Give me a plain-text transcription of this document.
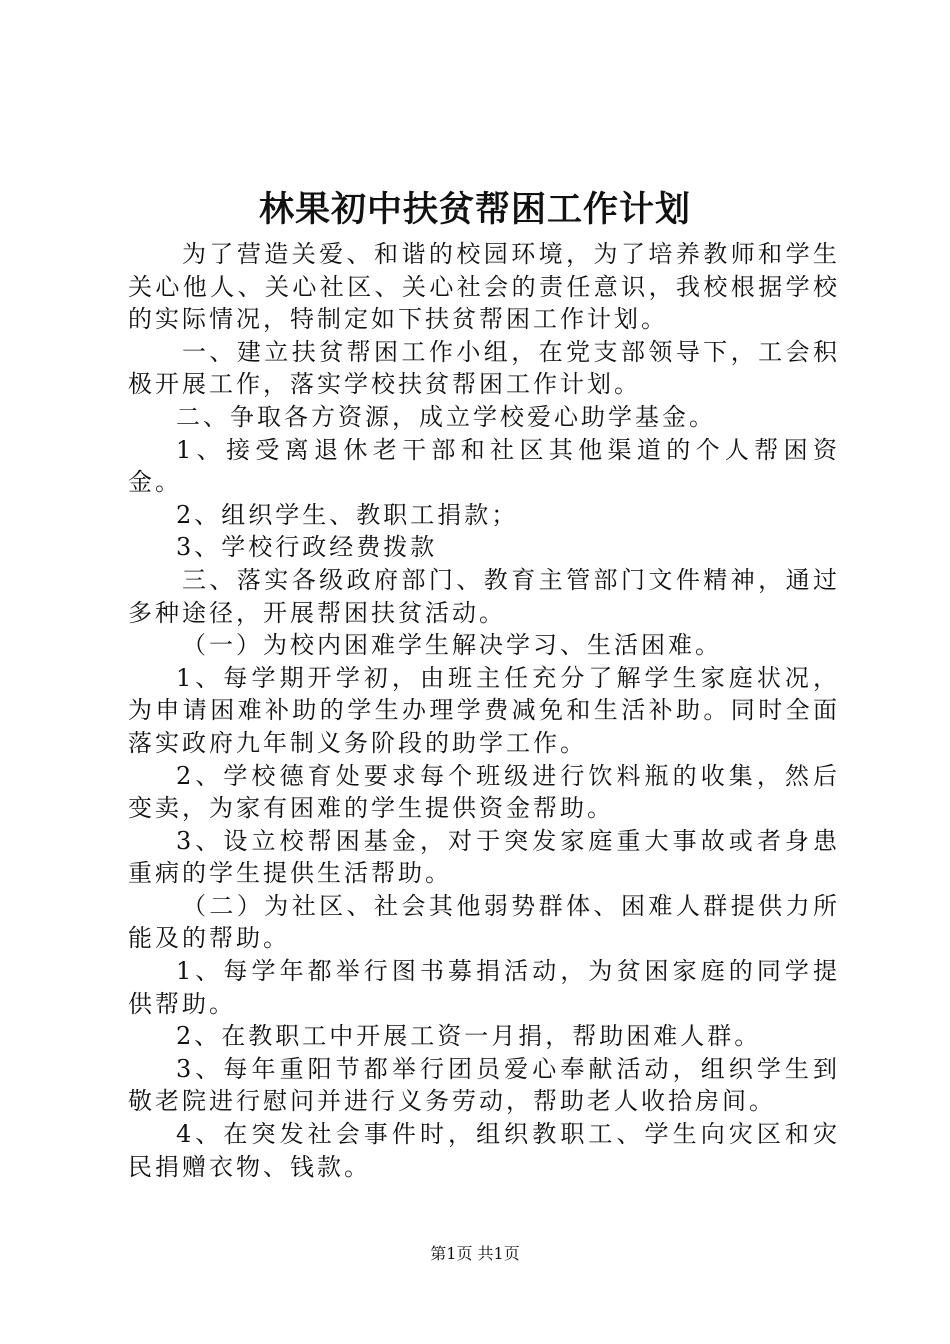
林果初中扶贫帮困工作计划

为了营造关爱、和谐的校园环境，为了培养教师和学生关心他人、关心社区、关心社会的责任意识，我校根据学校的实际情况，特制定如下扶贫帮困工作计划。

一、建立扶贫帮困工作小组，在党支部领导下，工会积极开展工作，落实学校扶贫帮困工作计划。

二、争取各方资源，成立学校爱心助学基金。

1、接受离退休老干部和社区其他渠道的个人帮困资金。

2、组织学生、教职工捐款；

3、学校行政经费拨款

三、落实各级政府部门、教育主管部门文件精神，通过多种途径，开展帮困扶贫活动。

（一）为校内困难学生解决学习、生活困难。

1、每学期开学初，由班主任充分了解学生家庭状况，为申请困难补助的学生办理学费减免和生活补助。同时全面落实政府九年制义务阶段的助学工作。

2、学校德育处要求每个班级进行饮料瓶的收集，然后变卖，为家有困难的学生提供资金帮助。

3、设立校帮困基金，对于突发家庭重大事故或者身患重病的学生提供生活帮助。

（二）为社区、社会其他弱势群体、困难人群提供力所能及的帮助。

1、每学年都举行图书募捐活动，为贫困家庭的同学提供帮助。

2、在教职工中开展工资一月捐，帮助困难人群。

3、每年重阳节都举行团员爱心奉献活动，组织学生到敬老院进行慰问并进行义务劳动，帮助老人收拾房间。

4、在突发社会事件时，组织教职工、学生向灾区和灾民捐赠衣物、钱款。

第1页 共1页
